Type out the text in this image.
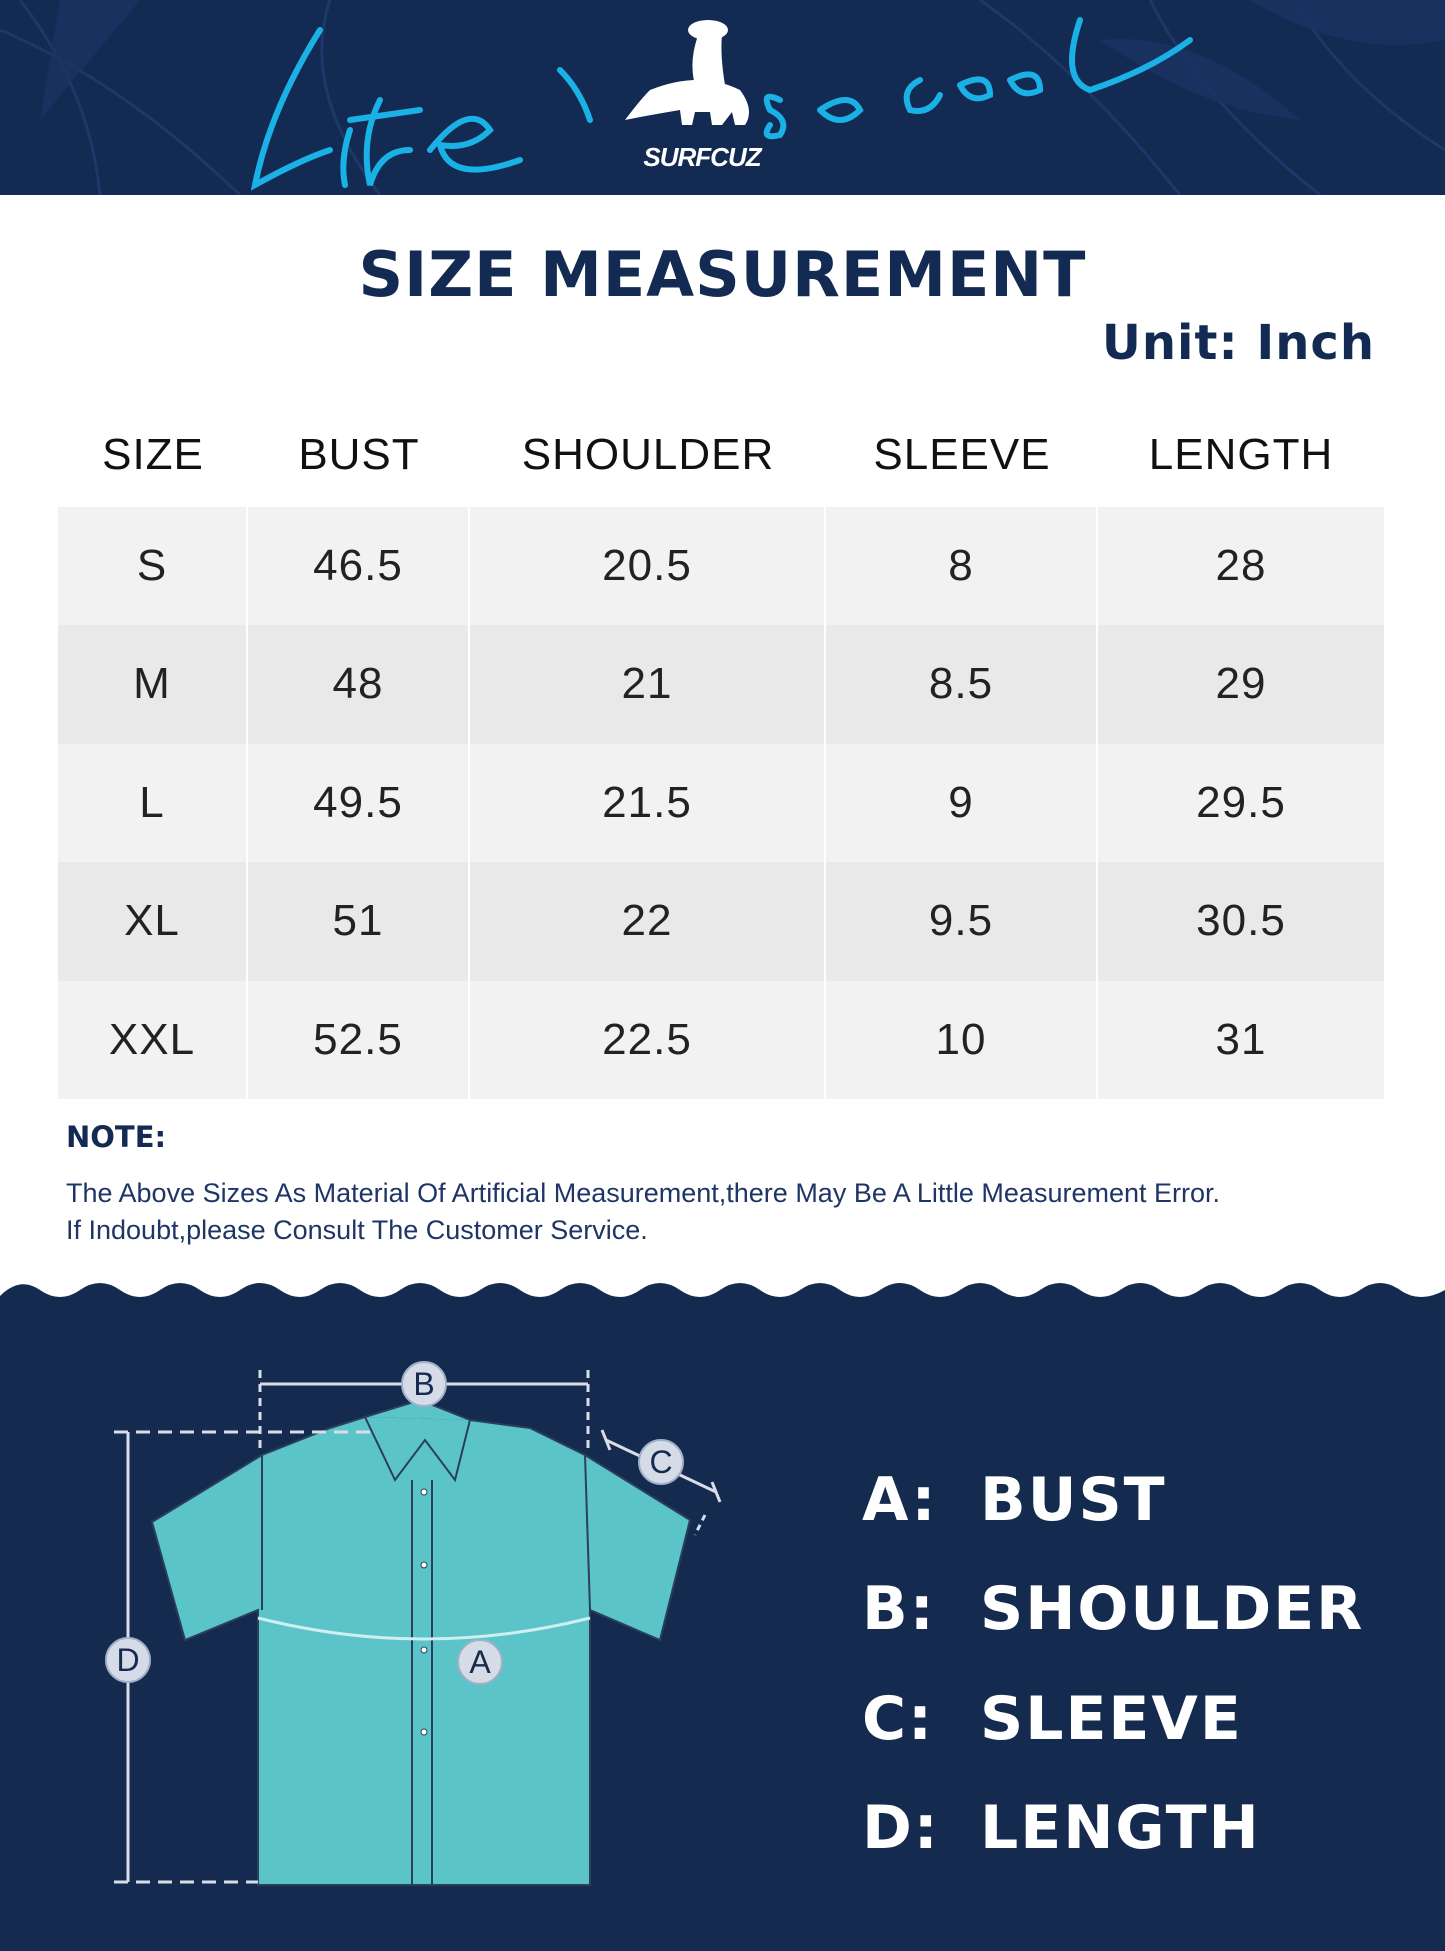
SURFCUZ
SIZE MEASUREMENT
Unit: Inch
SIZE	BUST	SHOULDER	SLEEVE	LENGTH
S	46.5	20.5	8	28
M	48	21	8.5	29
L	49.5	21.5	9	29.5
XL	51	22	9.5	30.5
XXL	52.5	22.5	10	31
NOTE:
The Above Sizes As Material Of Artificial Measurement,there May Be A Little Measurement Error.
If Indoubt,please Consult The Customer Service.
B
C
D	A
A: BUST
B: SHOULDER
C: SLEEVE
D: LENGTH
